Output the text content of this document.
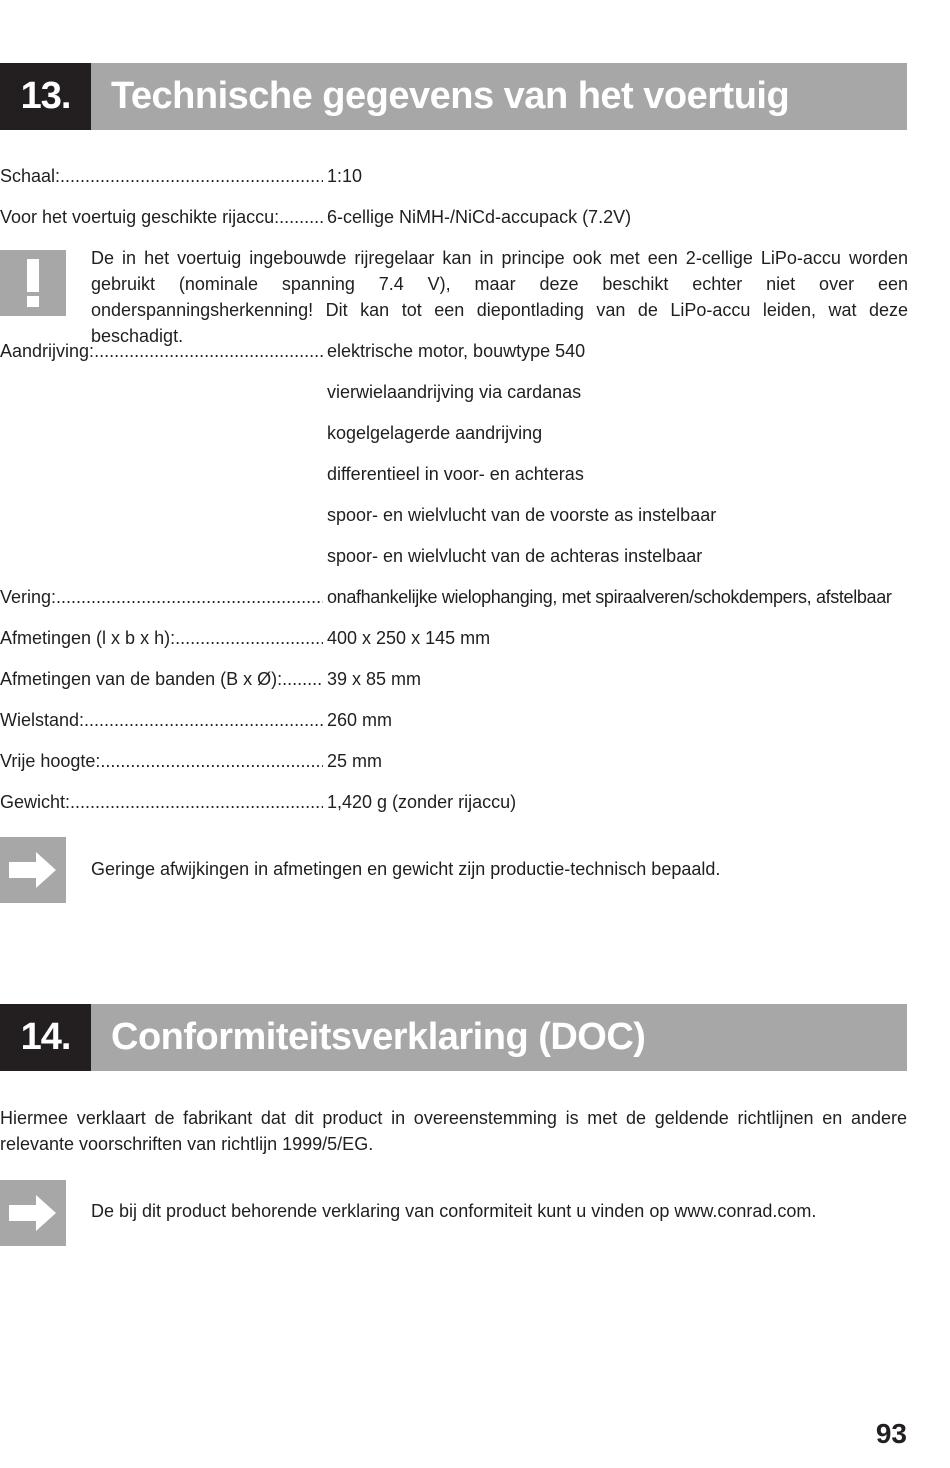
13.	Technische gegevens van het voertuig
Schaal: .....	1:10
Voor het voertuig geschikte rijaccu: .....	6-cellige NiMH-/NiCd-accupack (7.2V)
De in het voertuig ingebouwde rijregelaar kan in principe ook met een 2-cellige LiPo-accu worden gebruikt (nominale spanning 7.4 V), maar deze beschikt echter niet over een onderspanningsherkenning! Dit kan tot een diepontlading van de LiPo-accu leiden, wat deze beschadigt.
Aandrijving: .....	elektrische motor, bouwtype 540
vierwielaandrijving via cardanas
kogelgelagerde aandrijving
differentieel in voor- en achteras
spoor- en wielvlucht van de voorste as instelbaar
spoor- en wielvlucht van de achteras instelbaar
Vering: .....	onafhankelijke wielophanging, met spiraalveren/schokdempers, afstelbaar
Afmetingen (l x b x h): .....	400 x 250 x 145 mm
Afmetingen van de banden (B x Ø): ..... 39 x 85 mm
Wielstand: .....	260 mm
Vrije hoogte: .....	25 mm
Gewicht: .....	1,420 g (zonder rijaccu)
Geringe afwijkingen in afmetingen en gewicht zijn productie-technisch bepaald.
14.	Conformiteitsverklaring (DOC)
Hiermee verklaart de fabrikant dat dit product in overeenstemming is met de geldende richtlijnen en andere relevante voorschriften van richtlijn 1999/5/EG.
De bij dit product behorende verklaring van conformiteit kunt u vinden op www.conrad.com.
93
